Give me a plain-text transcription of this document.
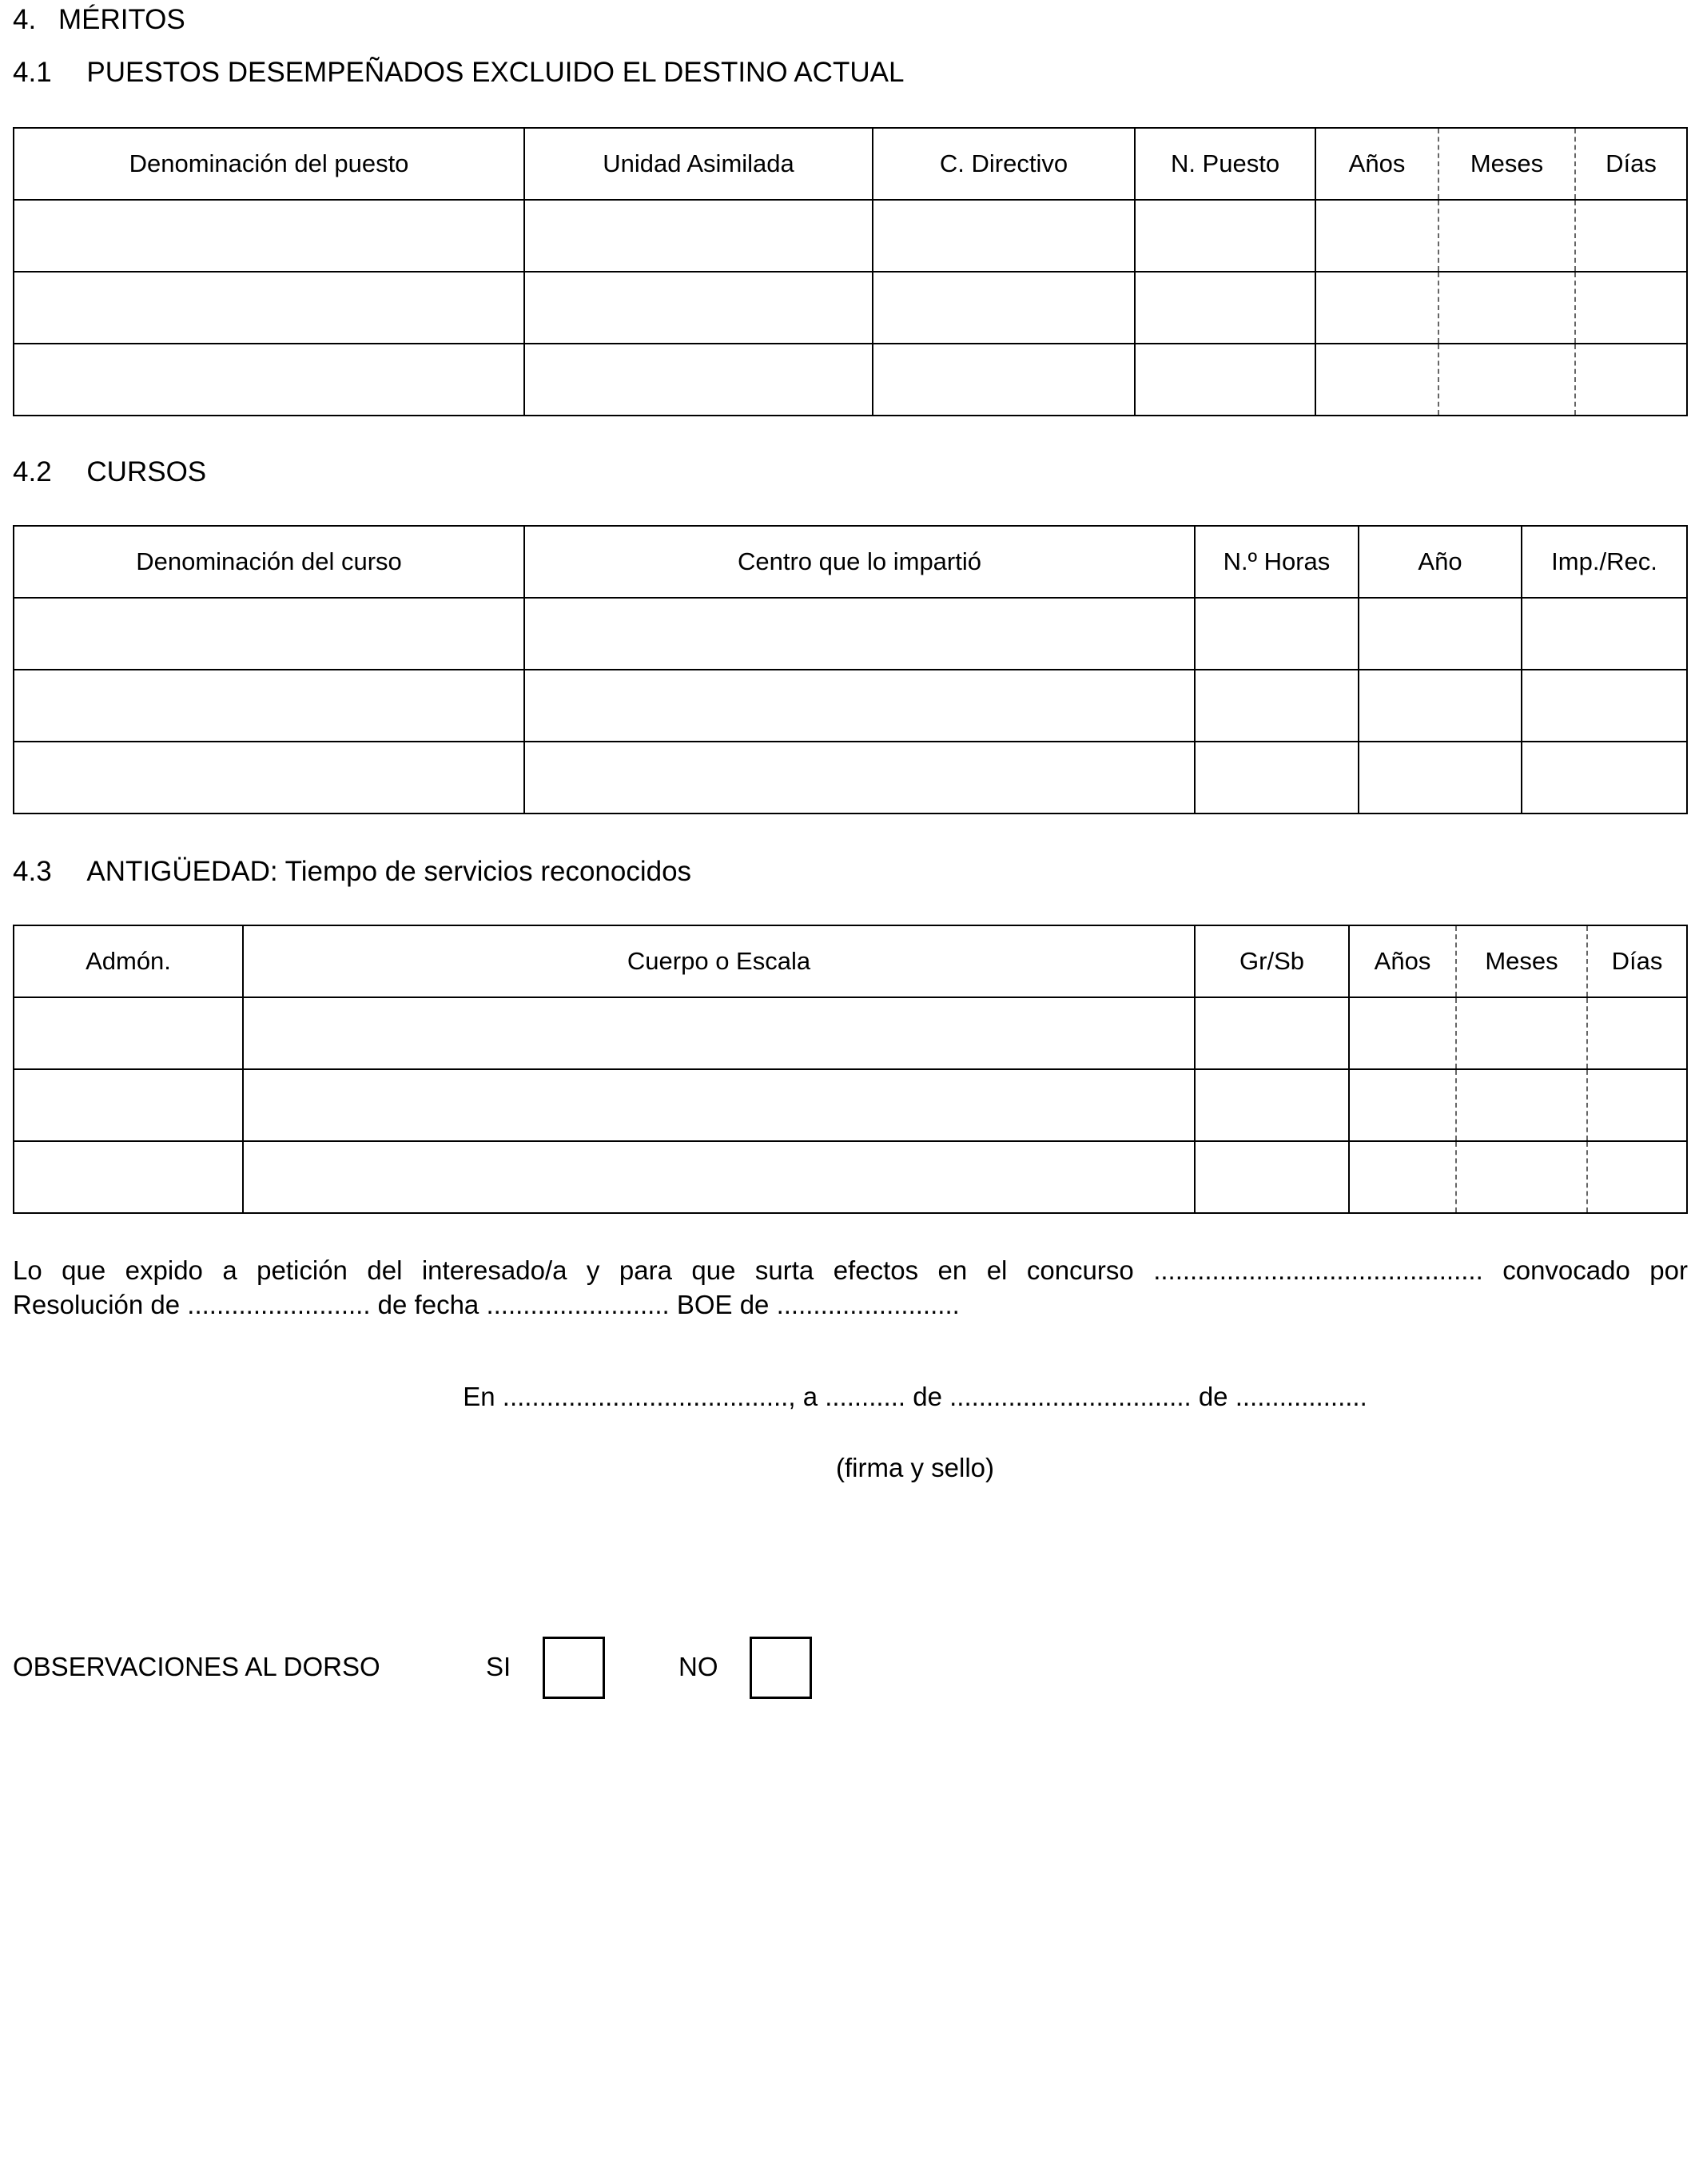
4. MÉRITOS
4.1 PUESTOS DESEMPEÑADOS EXCLUIDO EL DESTINO ACTUAL
Denominación del puesto	Unidad Asimilada	C. Directivo	N. Puesto	Años	Meses	Días

4.2 CURSOS
Denominación del curso	Centro que lo impartió	N.º Horas	Año	Imp./Rec.

4.3 ANTIGÜEDAD: Tiempo de servicios reconocidos
Admón.	Cuerpo o Escala	Gr/Sb	Años	Meses	Días

Lo que expido a petición del interesado/a y para que surta efectos en el concurso ............................................. convocado por
Resolución de ......................... de fecha ......................... BOE de .........................
En ......................................., a ........... de ................................. de ..................
(firma y sello)
OBSERVACIONES AL DORSO	SI	NO
